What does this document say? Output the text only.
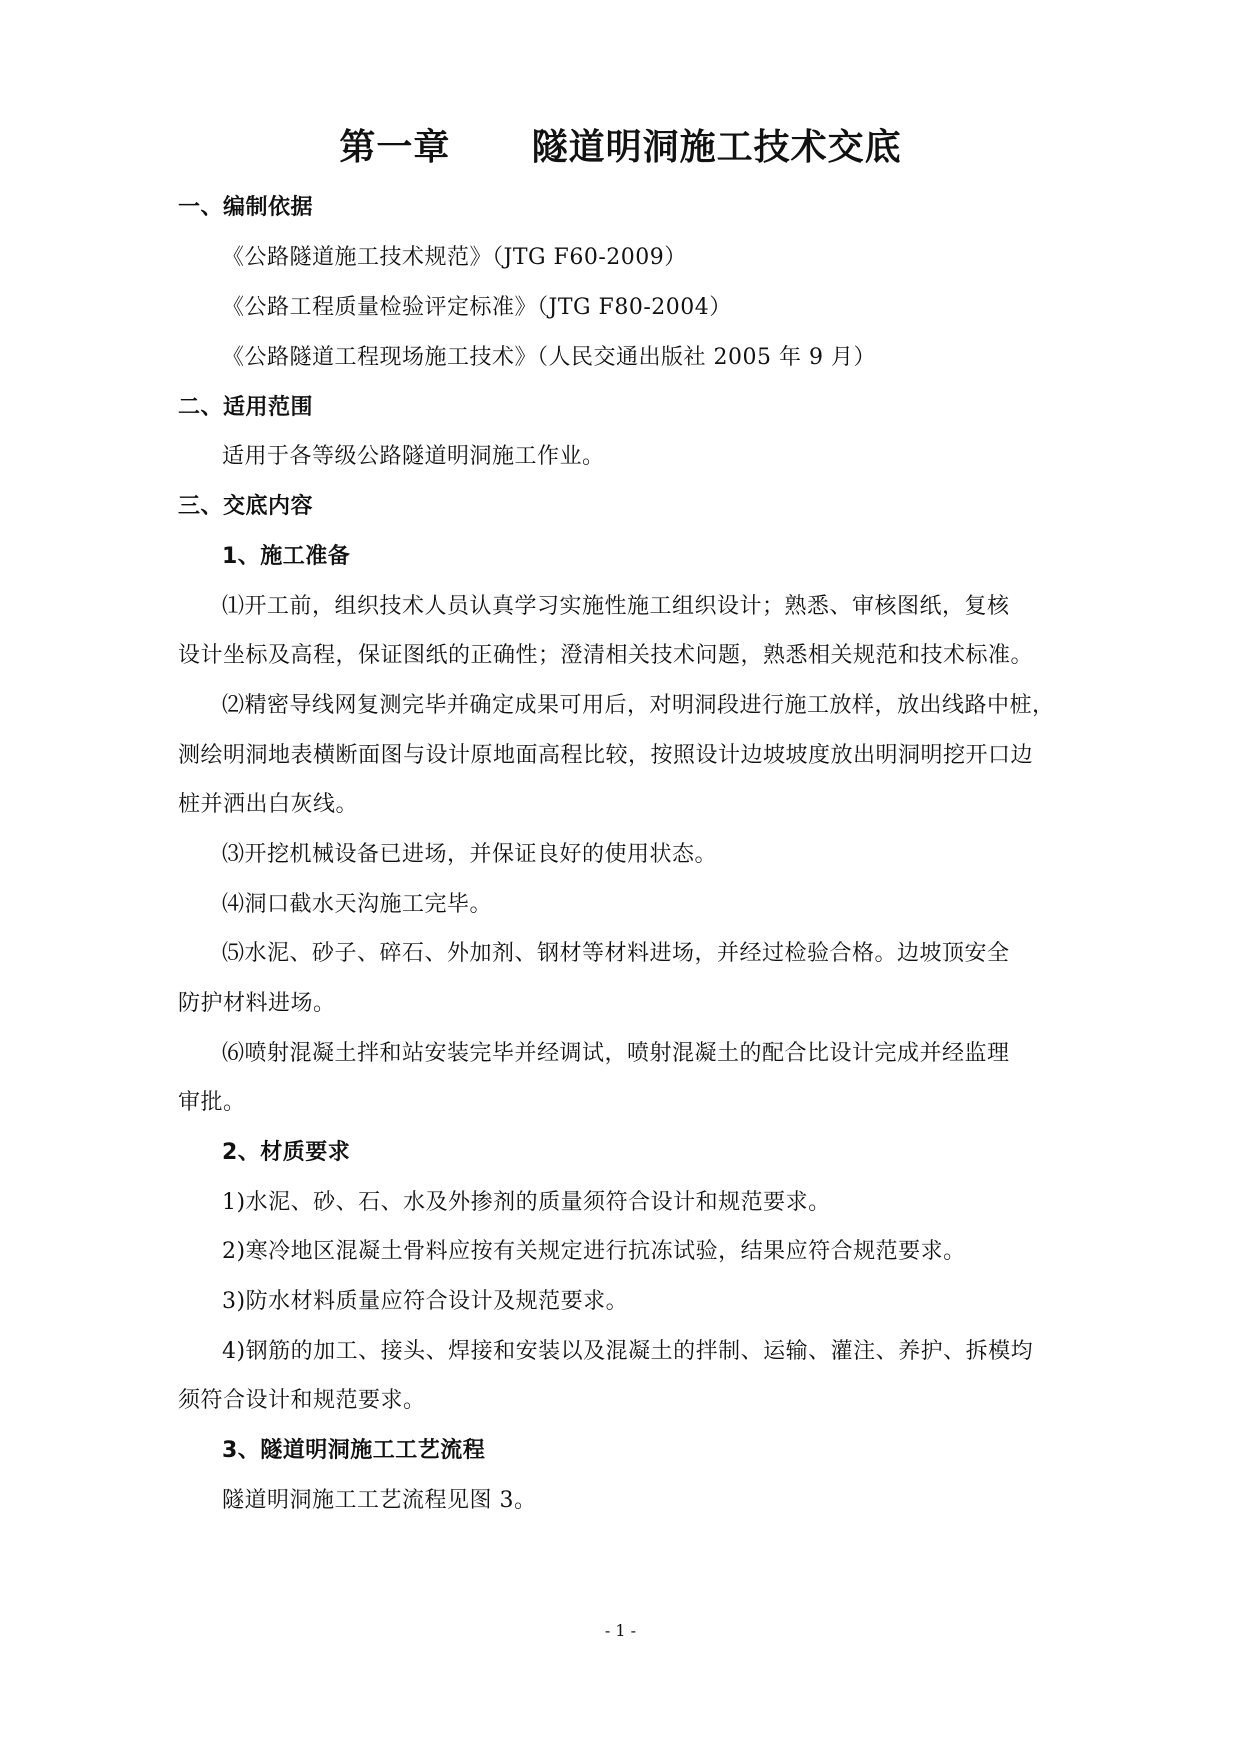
第一章      隧道明洞施工技术交底
一、编制依据
《公路隧道施工技术规范》（JTG F60-2009）
《公路工程质量检验评定标准》（JTG F80-2004）
《公路隧道工程现场施工技术》（人民交通出版社 2005 年 9 月）
二、适用范围
适用于各等级公路隧道明洞施工作业。
三、交底内容
1、施工准备
⑴开工前，组织技术人员认真学习实施性施工组织设计；熟悉、审核图纸，复核
设计坐标及高程，保证图纸的正确性；澄清相关技术问题，熟悉相关规范和技术标准。
⑵精密导线网复测完毕并确定成果可用后，对明洞段进行施工放样，放出线路中桩，
测绘明洞地表横断面图与设计原地面高程比较，按照设计边坡坡度放出明洞明挖开口边
桩并洒出白灰线。
⑶开挖机械设备已进场，并保证良好的使用状态。
⑷洞口截水天沟施工完毕。
⑸水泥、砂子、碎石、外加剂、钢材等材料进场，并经过检验合格。边坡顶安全
防护材料进场。
⑹喷射混凝土拌和站安装完毕并经调试，喷射混凝土的配合比设计完成并经监理
审批。
2、材质要求
1)水泥、砂、石、水及外掺剂的质量须符合设计和规范要求。
2)寒冷地区混凝土骨料应按有关规定进行抗冻试验，结果应符合规范要求。
3)防水材料质量应符合设计及规范要求。
4)钢筋的加工、接头、焊接和安装以及混凝土的拌制、运输、灌注、养护、拆模均
须符合设计和规范要求。
3、隧道明洞施工工艺流程
隧道明洞施工工艺流程见图 3。
- 1 -
